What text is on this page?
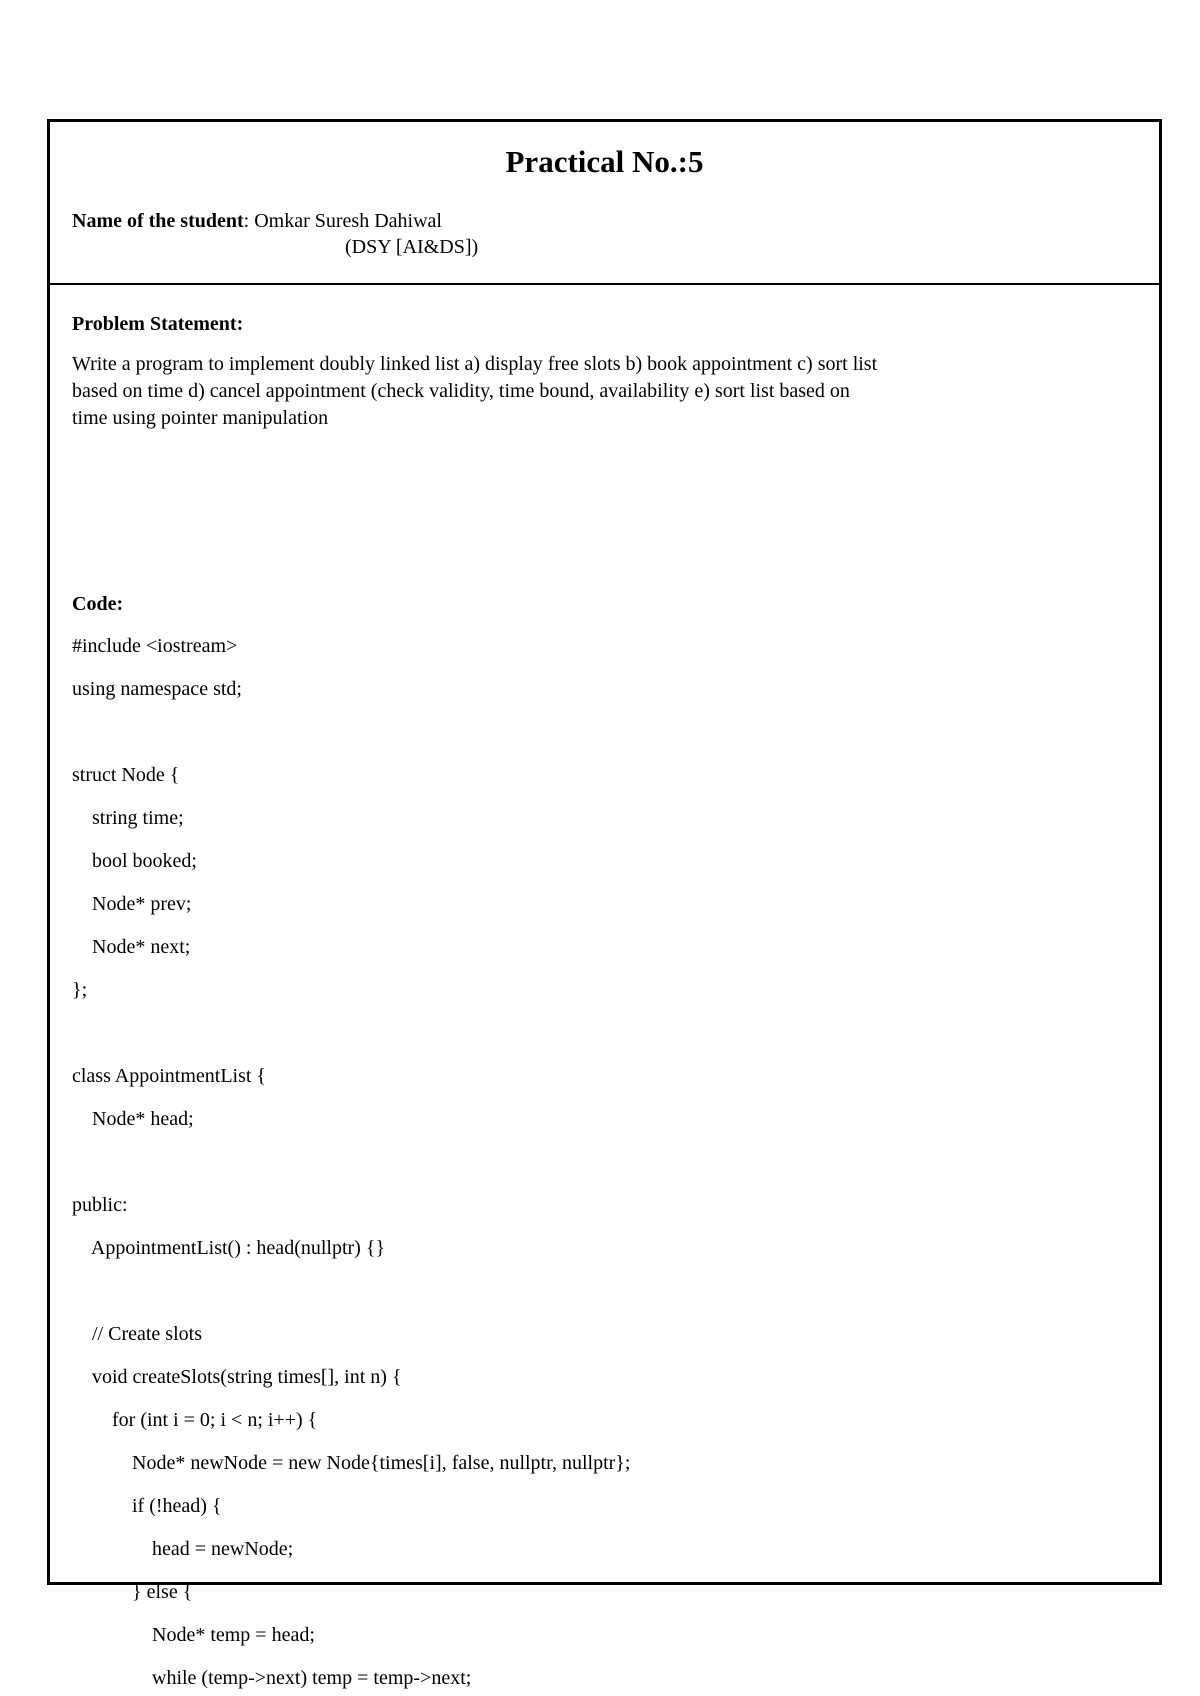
Practical No.:5
Name of the student: Omkar Suresh Dahiwal
(DSY [AI&DS])
Problem Statement:
Write a program to implement doubly linked list a) display free slots b) book appointment c) sort list
based on time d) cancel appointment (check validity, time bound, availability e) sort list based on
time using pointer manipulation
Code:
#include <iostream>
using namespace std;
struct Node {
string time;
bool booked;
Node* prev;
Node* next;
};
class AppointmentList {
Node* head;
public:
AppointmentList() : head(nullptr) {}
// Create slots
void createSlots(string times[], int n) {
for (int i = 0; i < n; i++) {
Node* newNode = new Node{times[i], false, nullptr, nullptr};
if (!head) {
head = newNode;
} else {
Node* temp = head;
while (temp->next) temp = temp->next;
